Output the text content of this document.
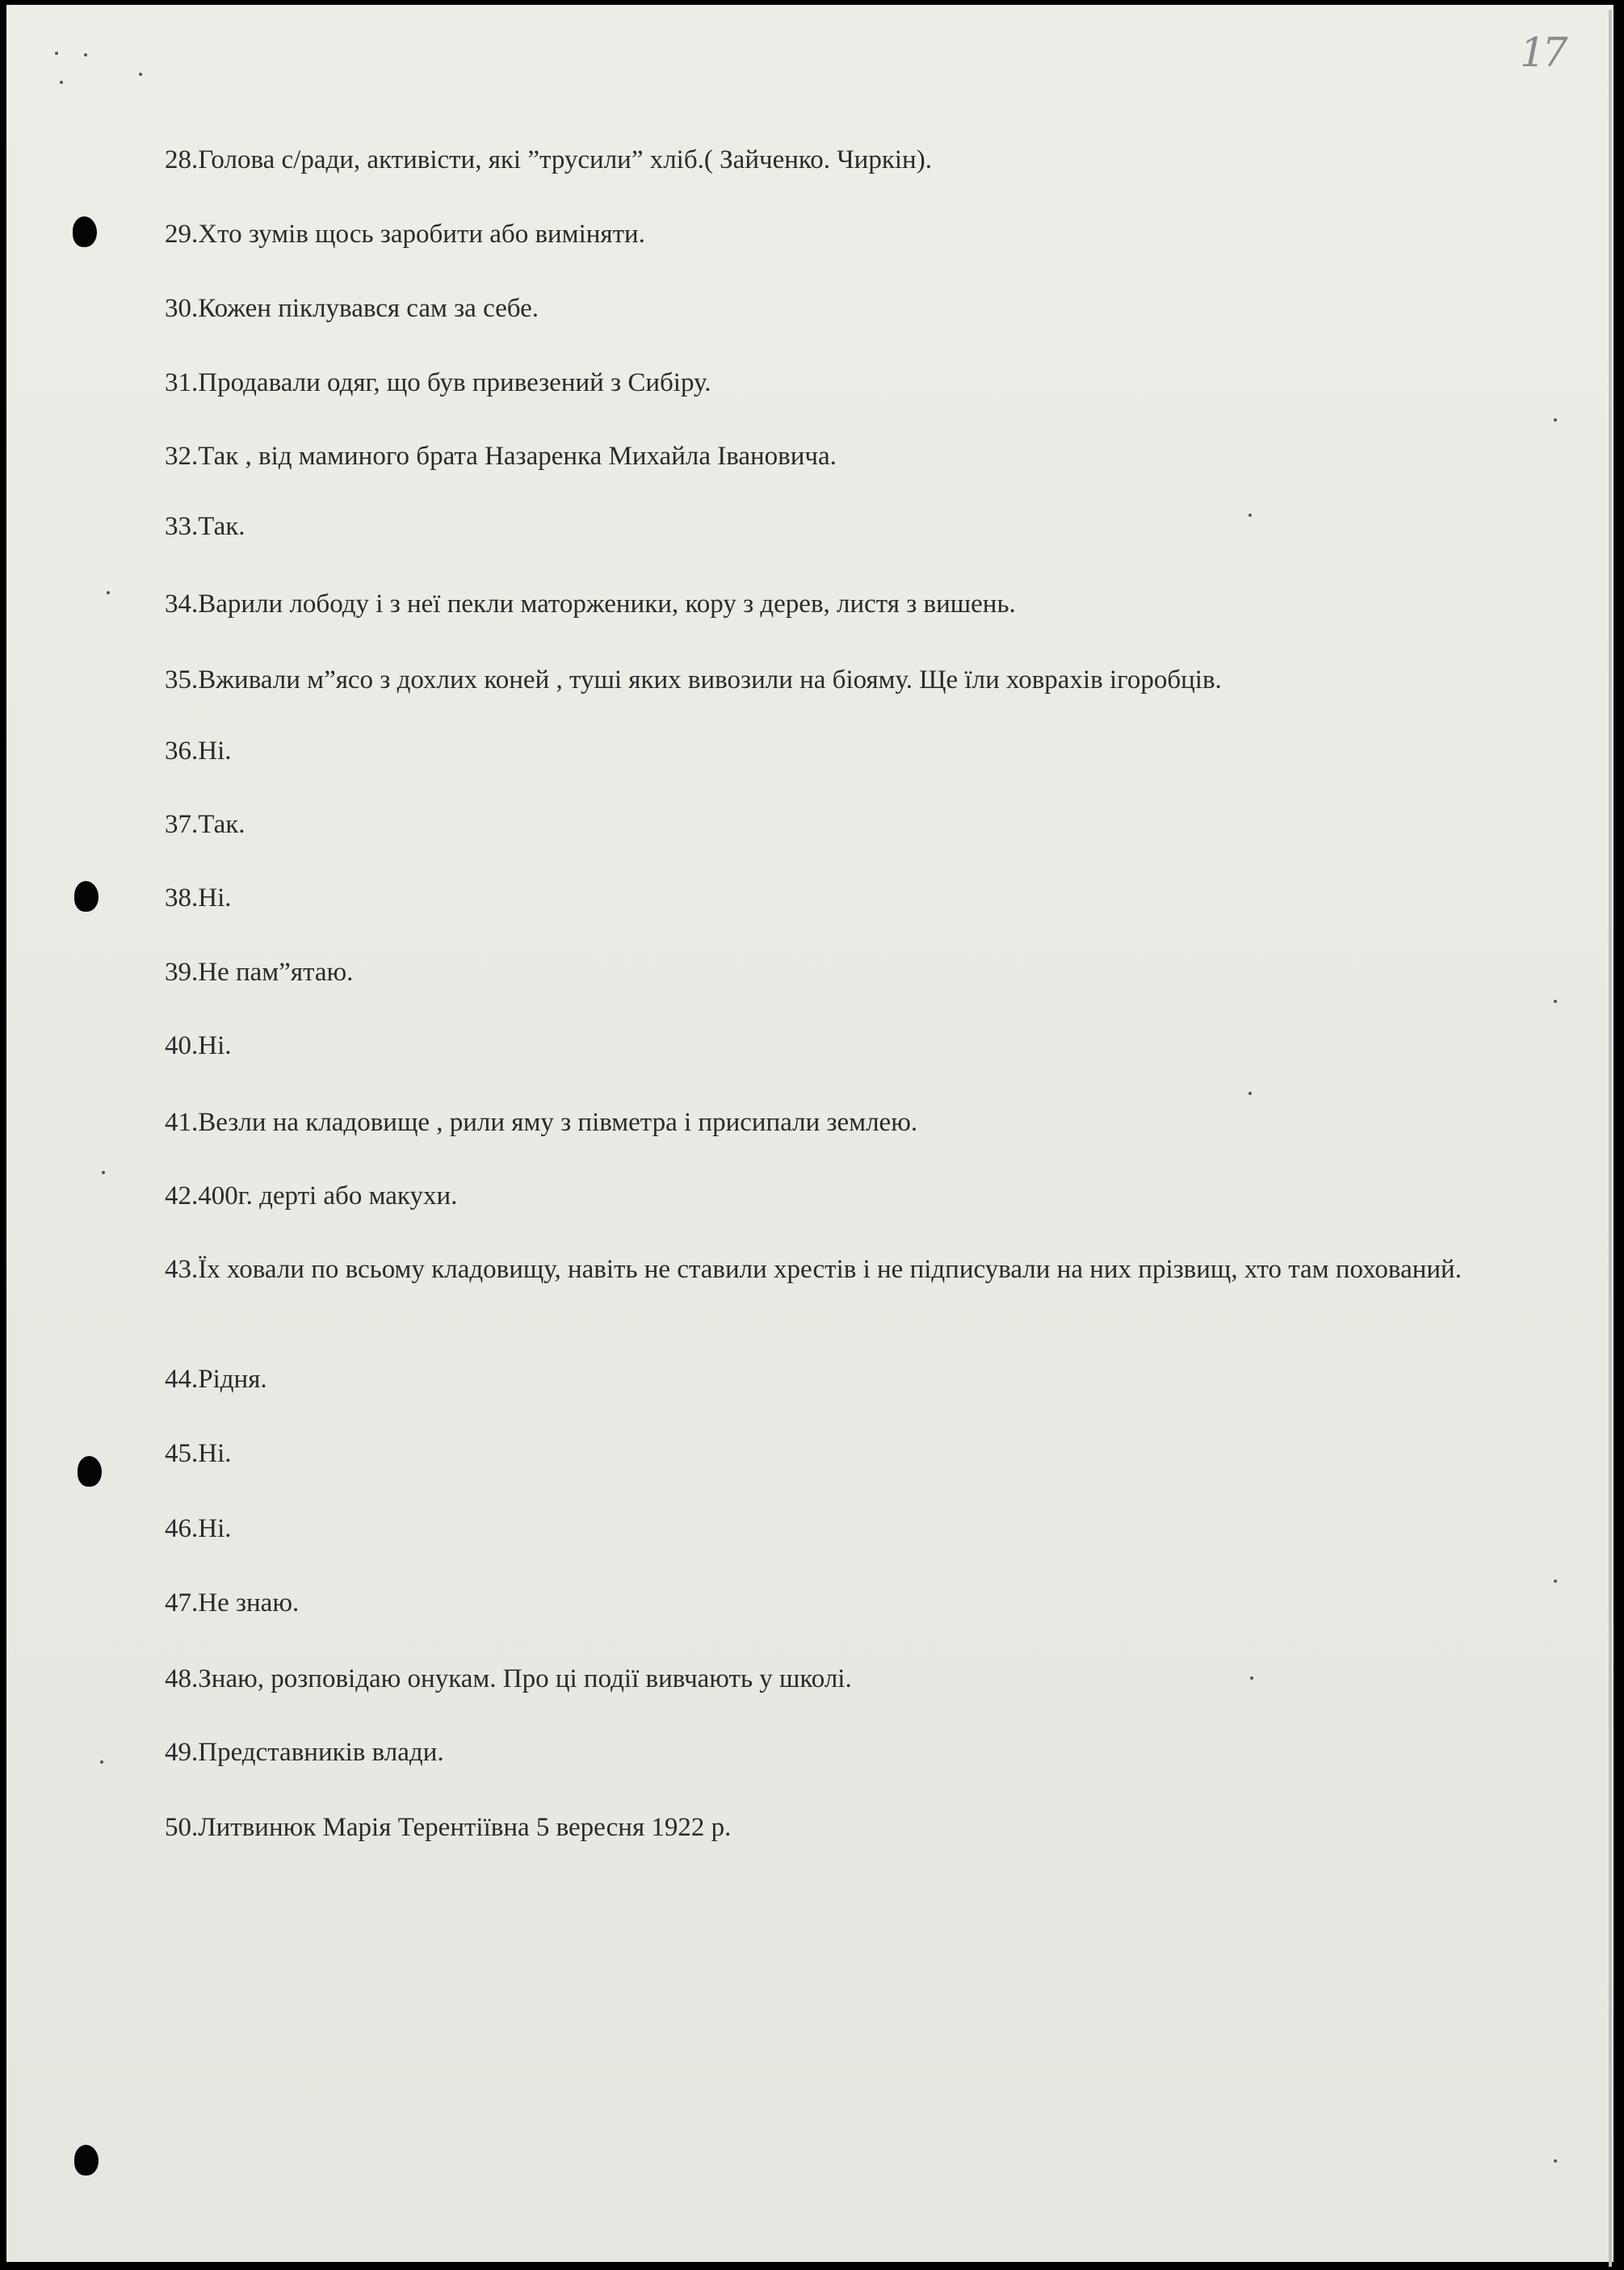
17

28.Голова с/ради, активісти, які ”трусили” хліб.( Зайченко. Чиркін).

29.Хто зумів щось заробити або виміняти.

30.Кожен піклувався сам за себе.

31.Продавали одяг, що був привезений з Сибіру.

32.Так , від маминого брата Назаренка Михайла Івановича.

33.Так.

34.Варили лободу і з неї пекли маторженики, кору з дерев, листя з вишень.

35.Вживали м”ясо з дохлих коней , туші яких вивозили на біояму. Ще їли ховрахів ігоробців.

36.Ні.

37.Так.

38.Ні.

39.Не пам”ятаю.

40.Ні.

41.Везли на кладовище , рили яму з півметра і присипали землею.

42.400г. дерті або макухи.

43.Їх ховали по всьому кладовищу, навіть не ставили хрестів і не підписували на них прізвищ, хто там похований.

44.Рідня.

45.Ні.

46.Ні.

47.Не знаю.

48.Знаю, розповідаю онукам. Про ці події вивчають у школі.

49.Представників влади.

50.Литвинюк Марія Терентіївна 5 вересня 1922 р.
